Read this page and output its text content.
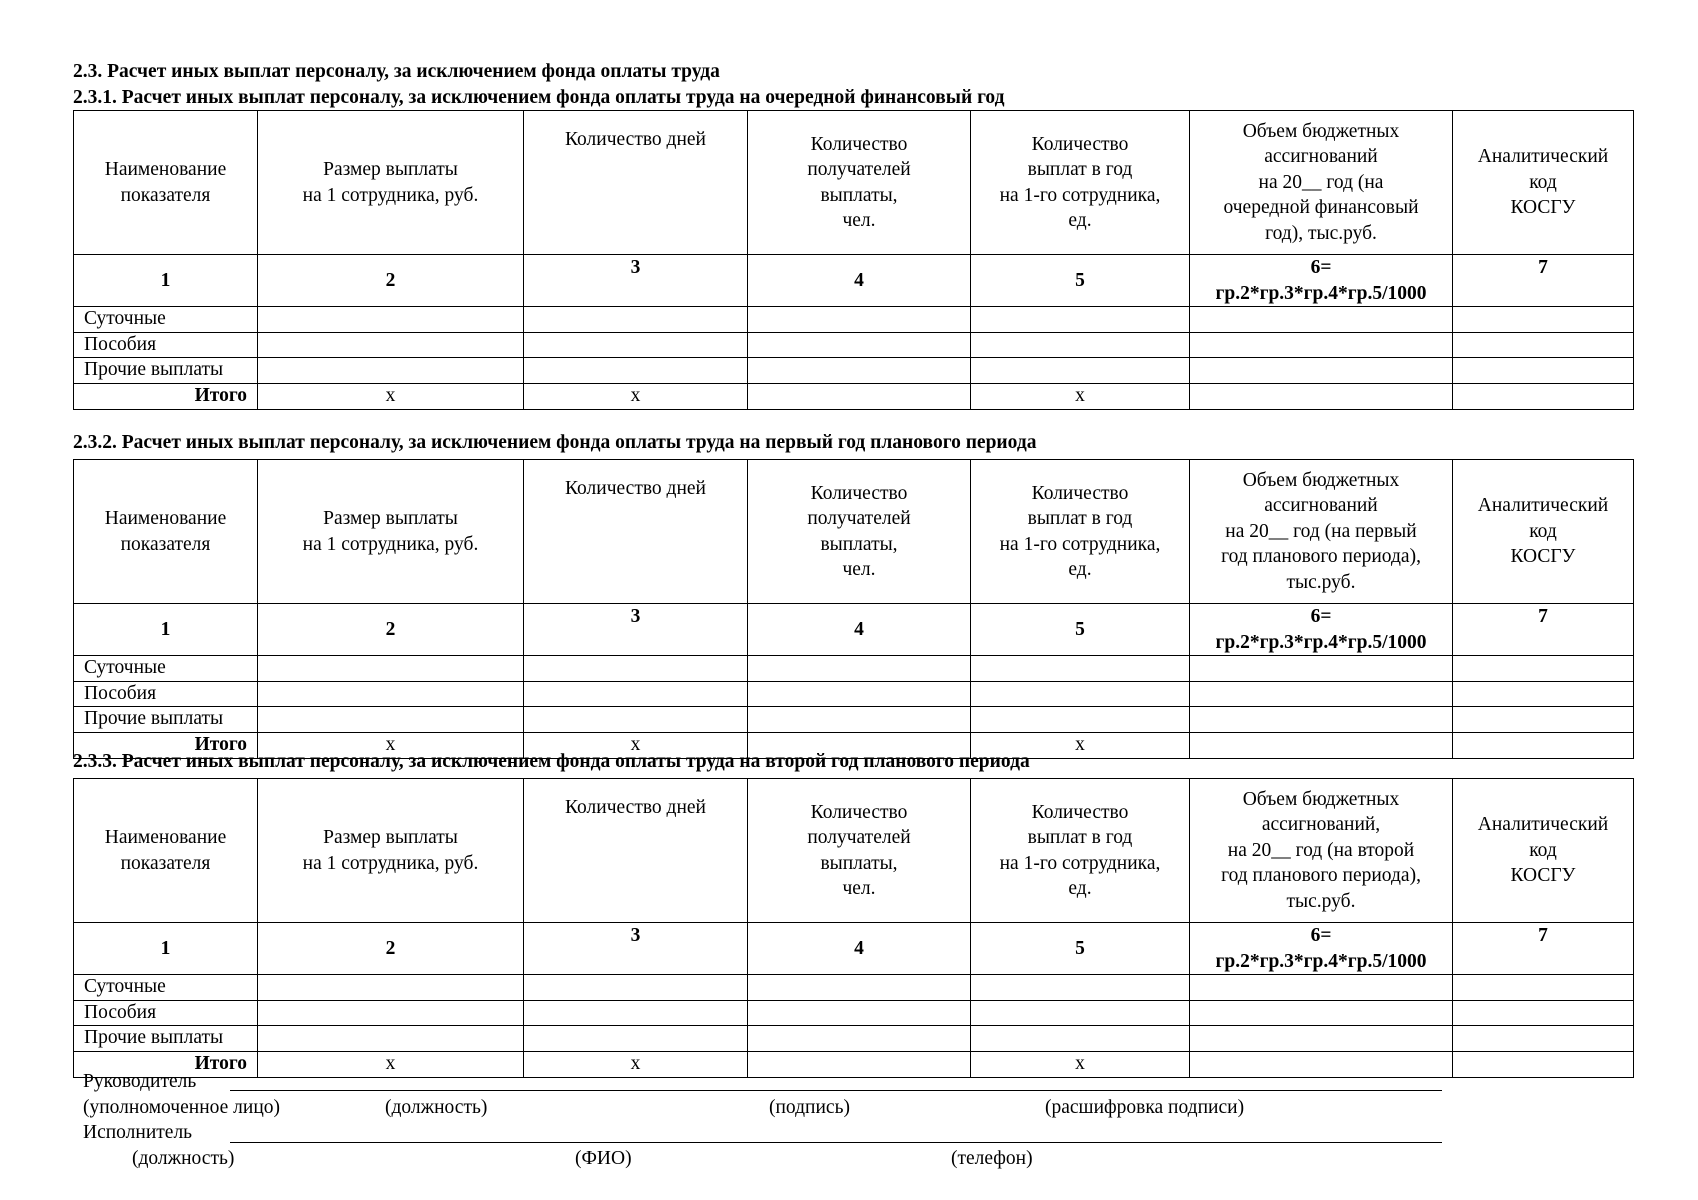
2.3. Расчет иных выплат персоналу, за исключением фонда оплаты труда
2.3.1. Расчет иных выплат персоналу, за исключением фонда оплаты труда на очередной финансовый год
Наименование
показателя	Размер выплаты
на 1 сотрудника, руб.	Количество дней	Количество
получателей
выплаты,
чел.	Количество
выплат в год
на 1-го сотрудника,
ед.	Объем бюджетных
ассигнований
на 20__ год (на
очередной финансовый
год), тыс.руб.	Аналитический
код
КОСГУ
1	2	3	4	5	6=
гр.2*гр.3*гр.4*гр.5/1000	7
Суточные						
Пособия						
Прочие выплаты						
Итого	x	x		x		
2.3.2. Расчет иных выплат персоналу, за исключением фонда оплаты труда на первый год планового периода
Наименование
показателя	Размер выплаты
на 1 сотрудника, руб.	Количество дней	Количество
получателей
выплаты,
чел.	Количество
выплат в год
на 1-го сотрудника,
ед.	Объем бюджетных
ассигнований
на 20__ год (на первый
год планового периода),
тыс.руб.	Аналитический
код
КОСГУ
1	2	3	4	5	6=
гр.2*гр.3*гр.4*гр.5/1000	7
Суточные						
Пособия						
Прочие выплаты						
Итого	x	x		x		
2.3.3. Расчет иных выплат персоналу, за исключением фонда оплаты труда на второй год планового периода
Наименование
показателя	Размер выплаты
на 1 сотрудника, руб.	Количество дней	Количество
получателей
выплаты,
чел.	Количество
выплат в год
на 1-го сотрудника,
ед.	Объем бюджетных
ассигнований,
на 20__ год (на второй
год планового периода),
тыс.руб.	Аналитический
код
КОСГУ
1	2	3	4	5	6=
гр.2*гр.3*гр.4*гр.5/1000	7
Суточные						
Пособия						
Прочие выплаты						
Итого	x	x		x		
Руководитель
(уполномоченное лицо)	(должность)	(подпись)	(расшифровка подписи)
Исполнитель
(должность)	(ФИО)	(телефон)
